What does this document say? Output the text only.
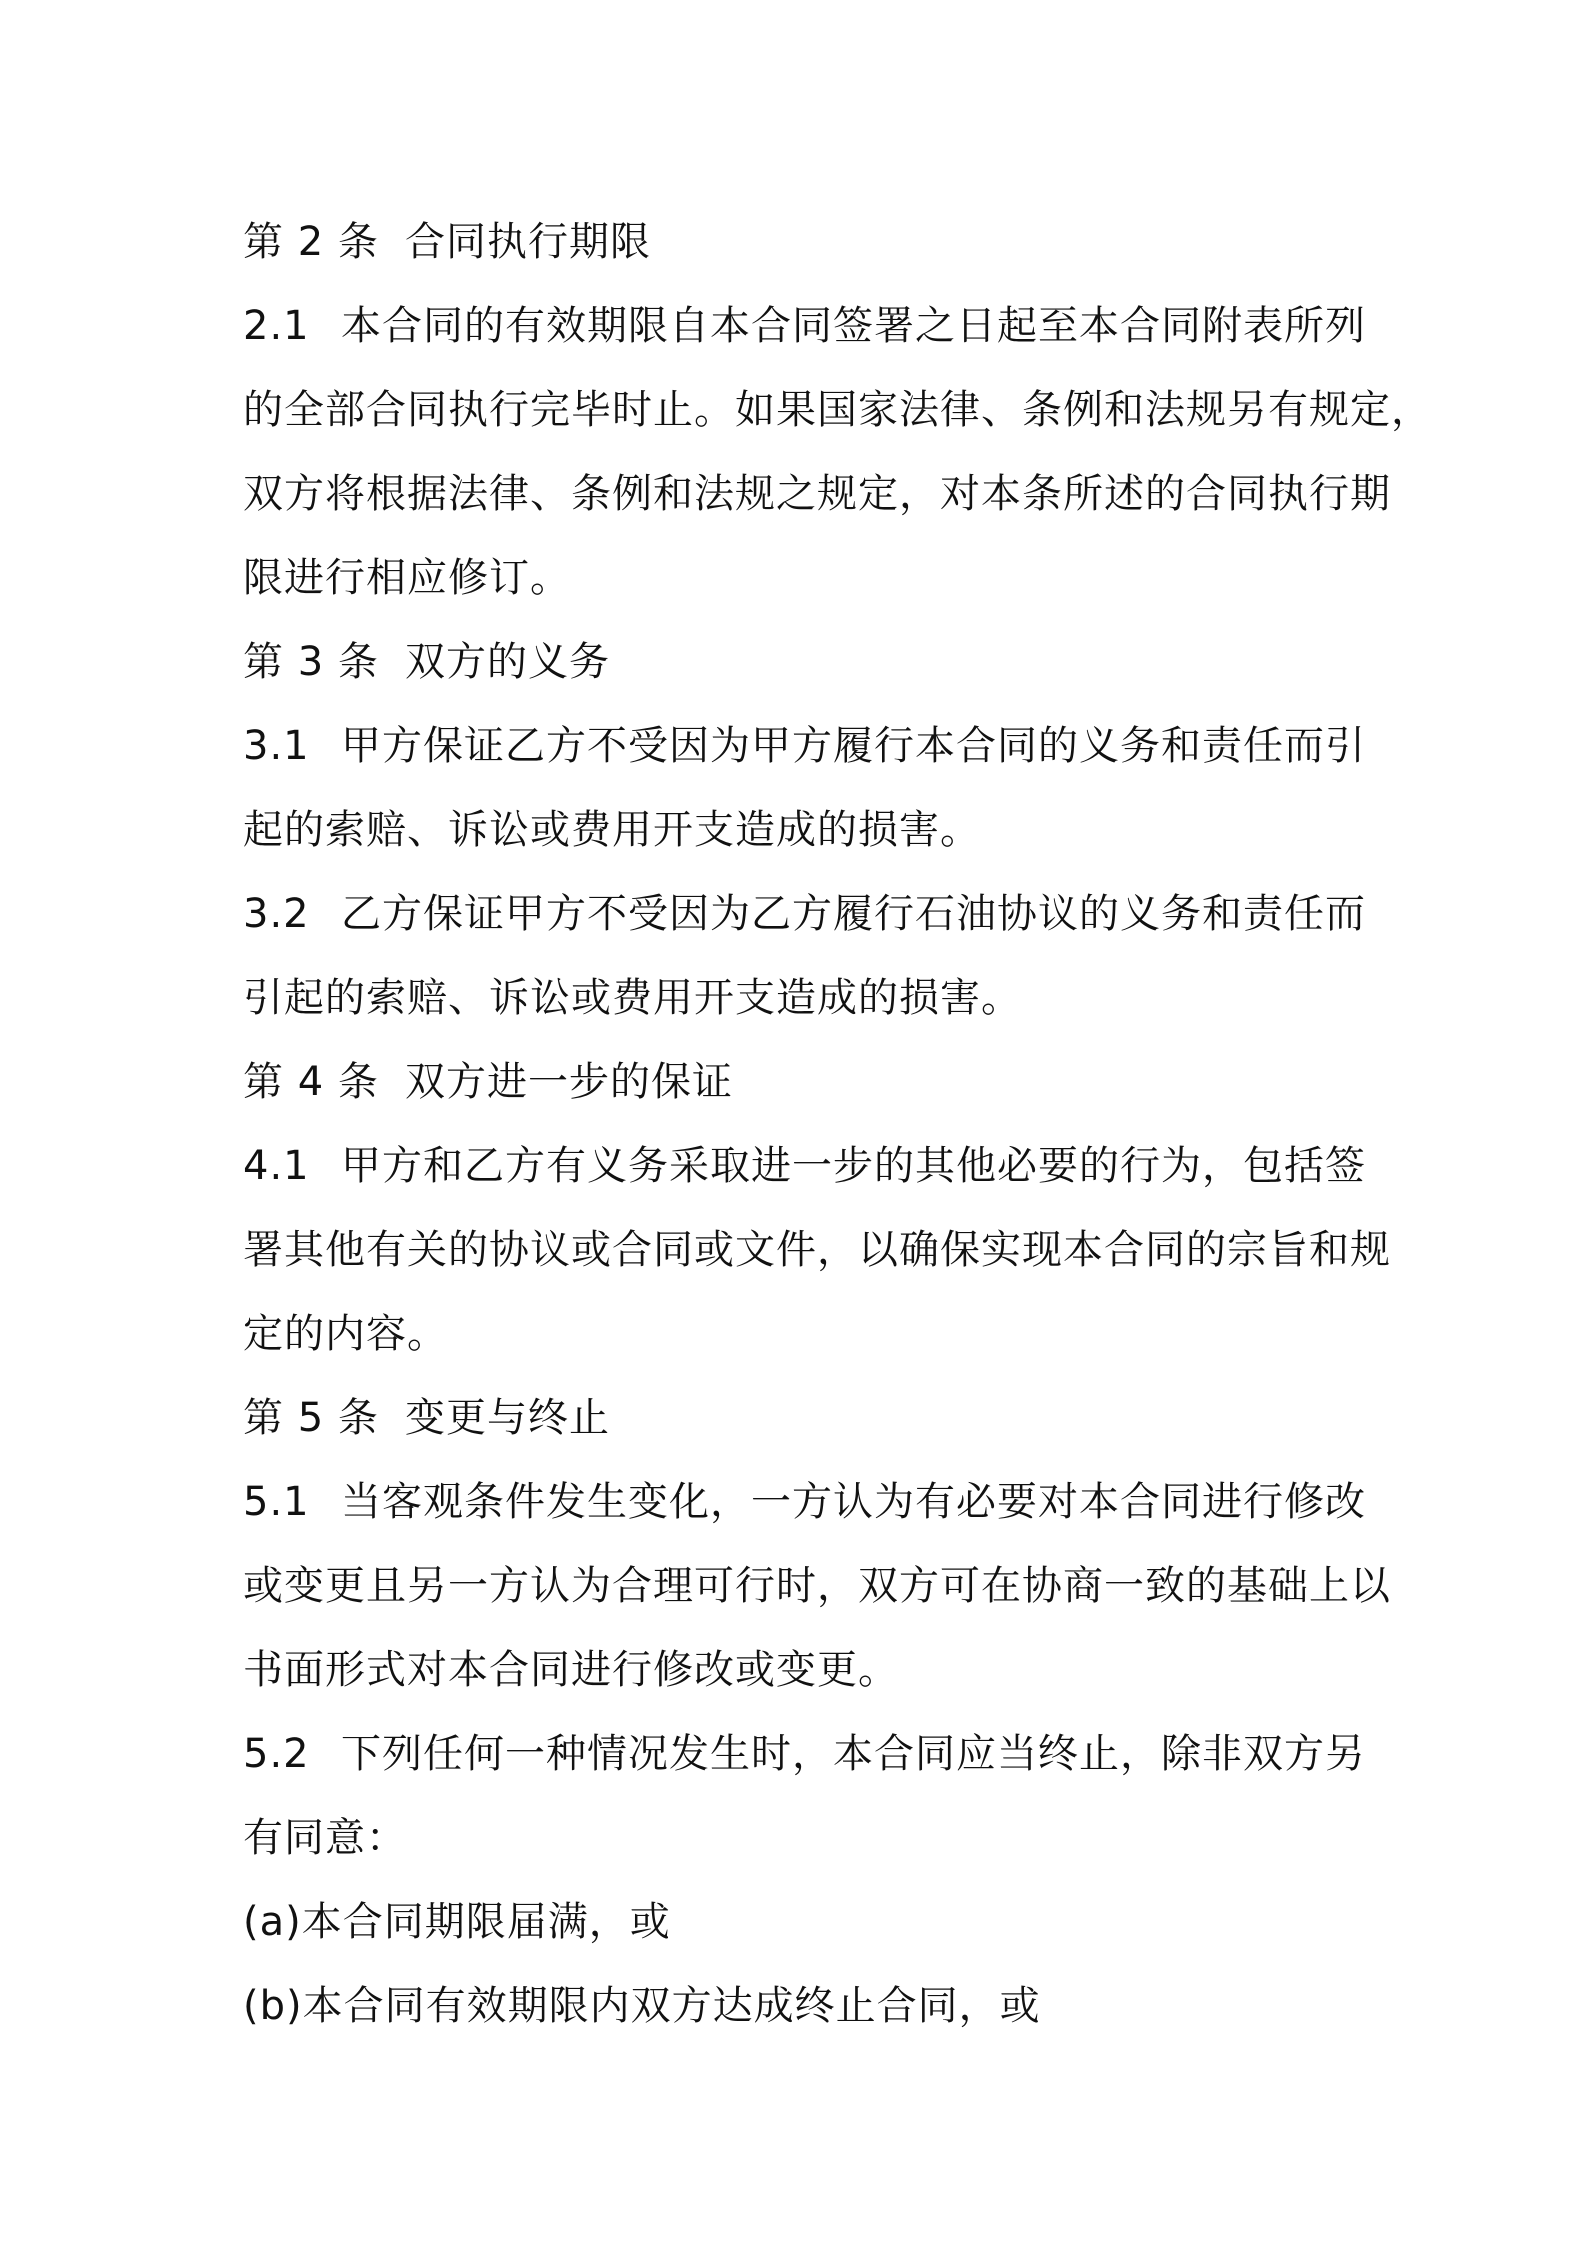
第 2 条 合同执行期限
2.1 本合同的有效期限自本合同签署之日起至本合同附表所列
的全部合同执行完毕时止。如果国家法律、条例和法规另有规定，
双方将根据法律、条例和法规之规定，对本条所述的合同执行期
限进行相应修订。
第 3 条 双方的义务
3.1 甲方保证乙方不受因为甲方履行本合同的义务和责任而引
起的索赔、诉讼或费用开支造成的损害。
3.2 乙方保证甲方不受因为乙方履行石油协议的义务和责任而
引起的索赔、诉讼或费用开支造成的损害。
第 4 条 双方进一步的保证
4.1 甲方和乙方有义务采取进一步的其他必要的行为，包括签
署其他有关的协议或合同或文件，以确保实现本合同的宗旨和规
定的内容。
第 5 条 变更与终止
5.1 当客观条件发生变化，一方认为有必要对本合同进行修改
或变更且另一方认为合理可行时，双方可在协商一致的基础上以
书面形式对本合同进行修改或变更。
5.2 下列任何一种情况发生时，本合同应当终止，除非双方另
有同意：
(a)本合同期限届满，或
(b)本合同有效期限内双方达成终止合同，或
